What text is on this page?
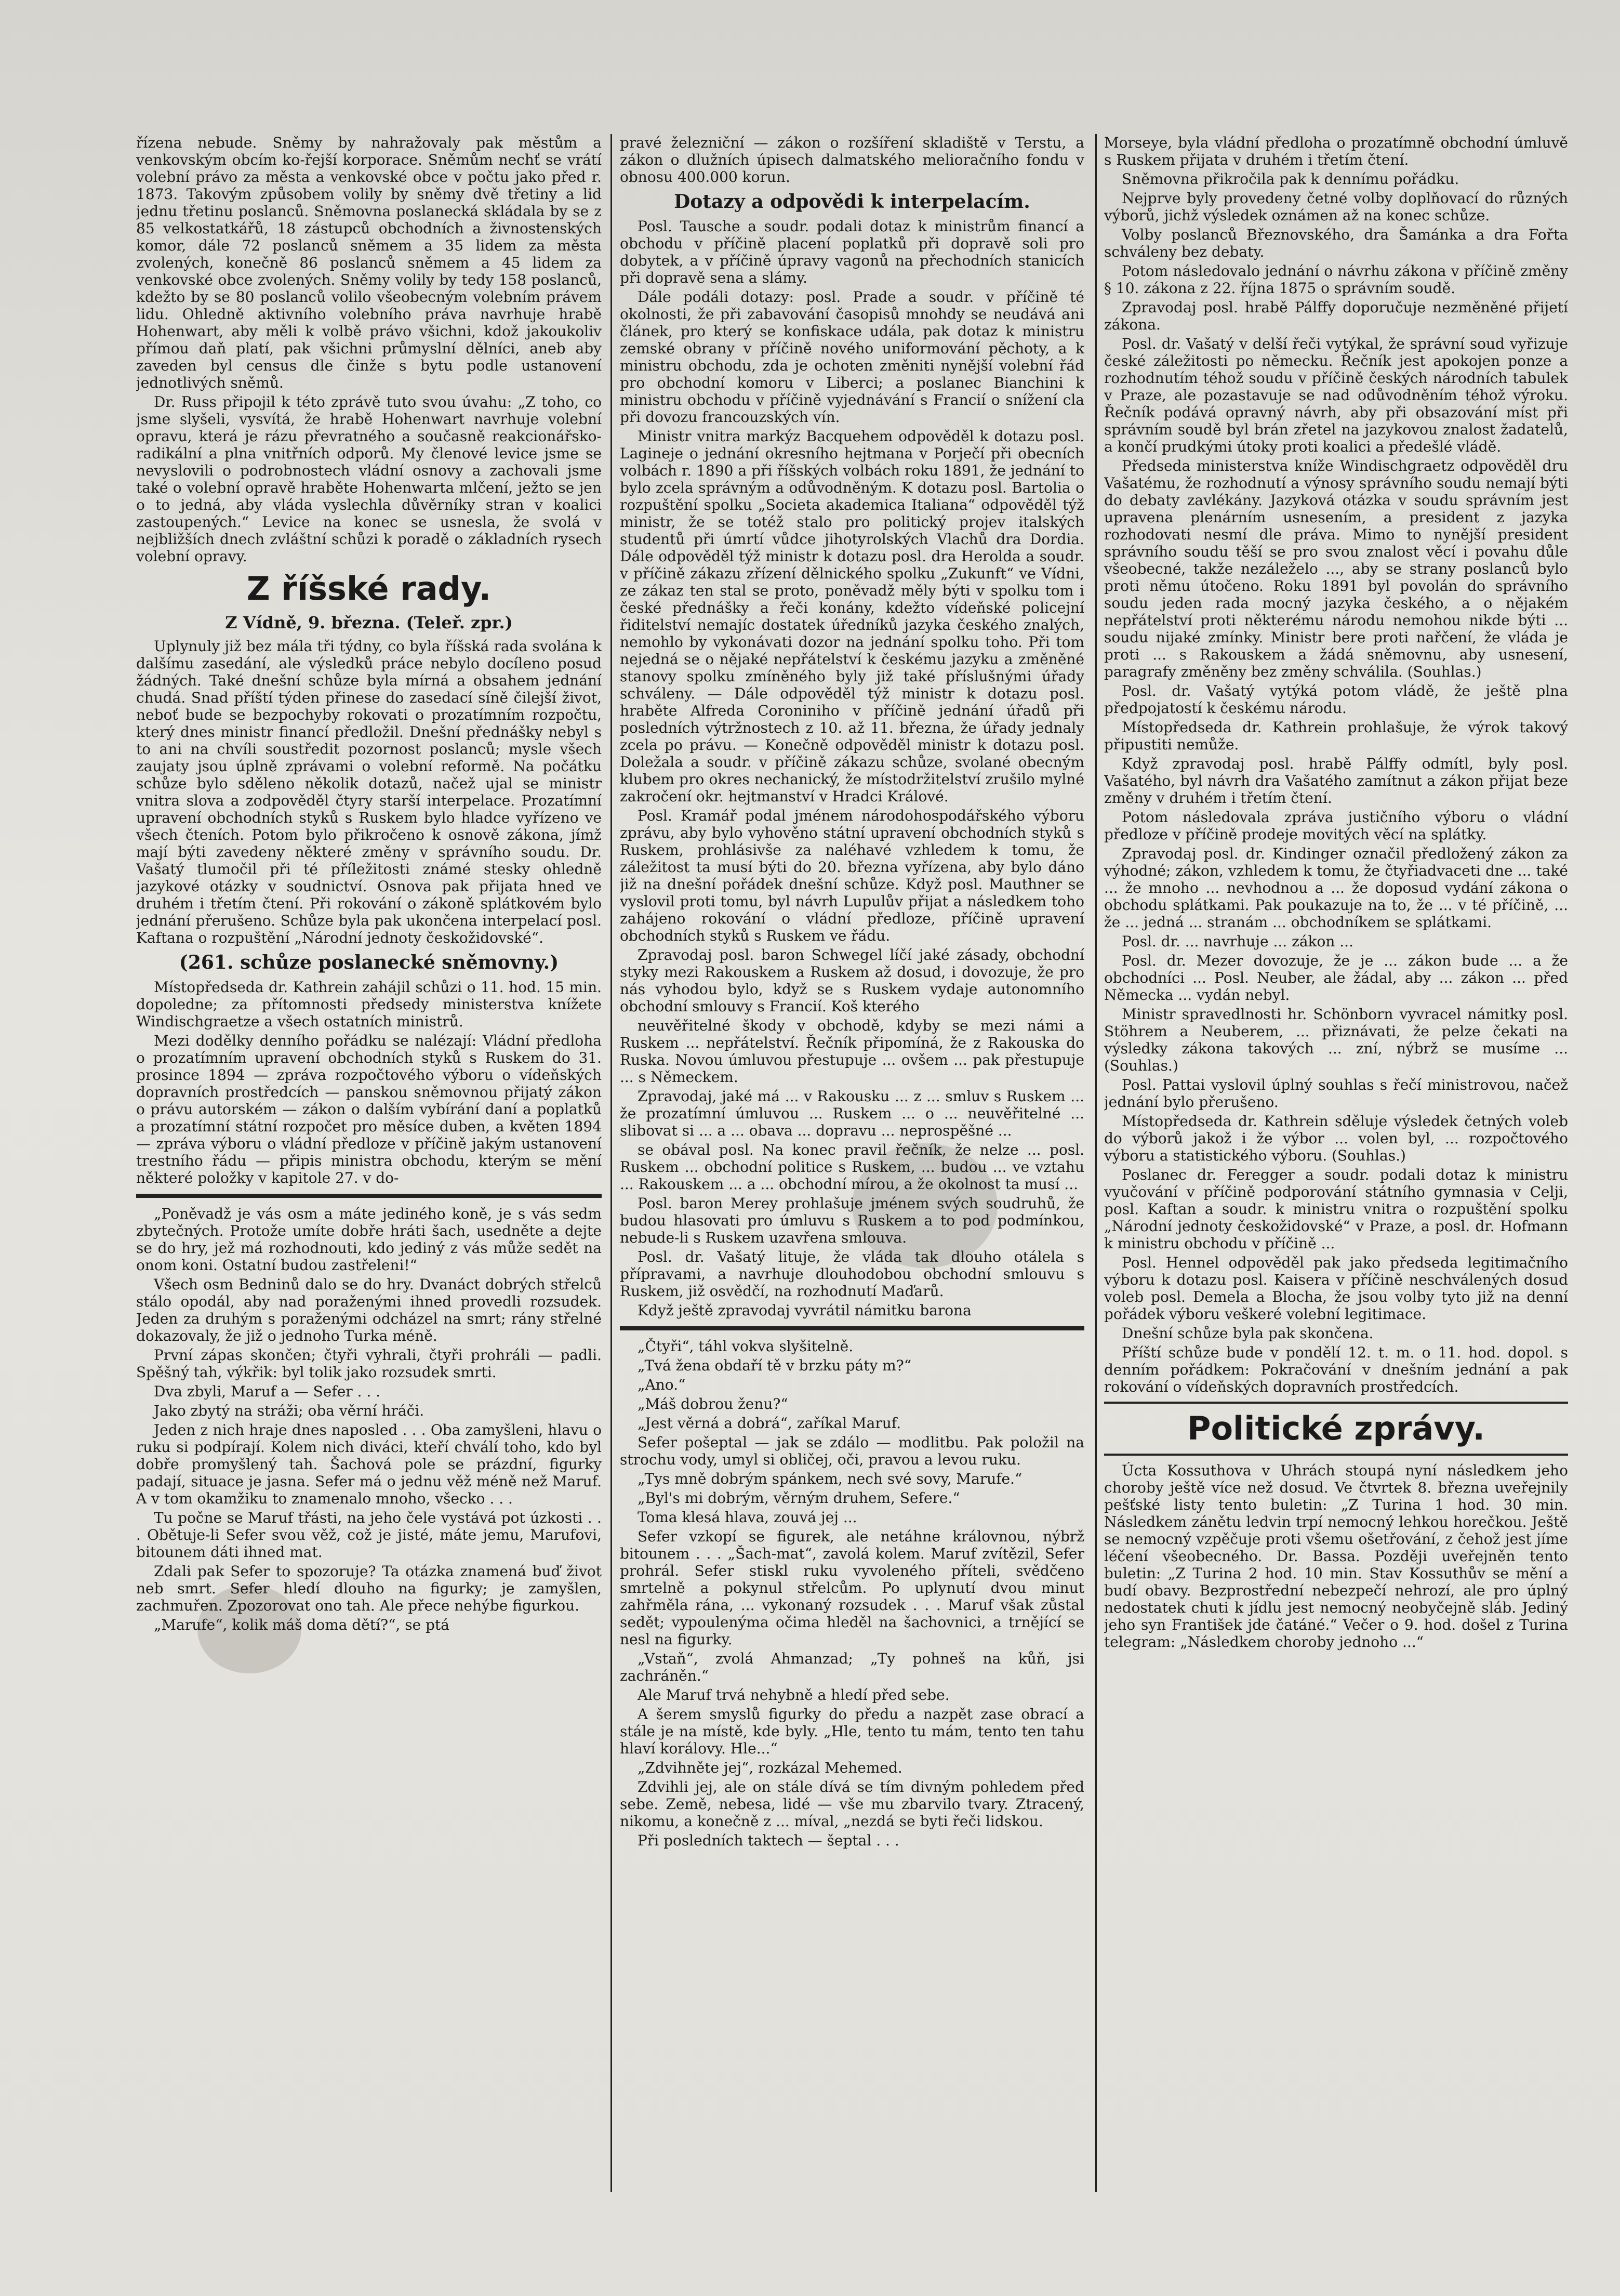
řízena nebude. Sněmy by nahražovaly pak městům a venkovským obcím ko-řejší korporace. Sněmům nechť se vrátí volební právo za města a venkovské obce v počtu jako před r. 1873. Takovým způsobem volily by sněmy dvě třetiny a lid jednu třetinu poslanců. Sněmovna poslanecká skládala by se z 85 velkostatkářů, 18 zástupců obchodních a živnostenských komor, dále 72 poslanců sněmem a 35 lidem za města zvolených, konečně 86 poslanců sněmem a 45 lidem za venkovské obce zvolených. Sněmy volily by tedy 158 poslanců, kdežto by se 80 poslanců volilo všeobecným volebním právem lidu. Ohledně aktivního volebního práva navrhuje hrabě Hohenwart, aby měli k volbě právo všichni, kdož jakoukoliv přímou daň platí, pak všichni průmyslní dělníci, aneb aby zaveden byl census dle činže s bytu podle ustanovení jednotlivých sněmů.

Dr. Russ připojil k této zprávě tuto svou úvahu: „Z toho, co jsme slyšeli, vysvítá, že hrabě Hohenwart navrhuje volební opravu, která je rázu převratného a současně reakcionářsko-radikální a plna vnitřních odporů. My členové levice jsme se nevyslovili o podrobnostech vládní osnovy a zachovali jsme také o volební opravě hraběte Hohenwarta mlčení, ježto se jen o to jedná, aby vláda vyslechla důvěrníky stran v koalici zastoupených.“ Levice na konec se usnesla, že svolá v nejbližších dnech zvláštní schůzi k poradě o základních rysech volební opravy.

Z říšské rady.
Z Vídně, 9. března. (Teleř. zpr.)

Uplynuly již bez mála tři týdny, co byla říšská rada svolána k dalšímu zasedání, ale výsledků práce nebylo docíleno posud žádných. Také dnešní schůze byla mírná a obsahem jednání chudá. Snad příští týden přinese do zasedací síně čilejší život, neboť bude se bezpochyby rokovati o prozatímním rozpočtu, který dnes ministr financí předložil. Dnešní přednášky nebyl s to ani na chvíli soustředit pozornost poslanců; mysle všech zaujaty jsou úplně zprávami o volební reformě. Na počátku schůze bylo sděleno několik dotazů, načež ujal se ministr vnitra slova a zodpověděl čtyry starší interpelace. Prozatímní upravení obchodních styků s Ruskem bylo hladce vyřízeno ve všech čteních. Potom bylo přikročeno k osnově zákona, jímž mají býti zavedeny některé změny v správního soudu. Dr. Vašatý tlumočil při té příležitosti známé stesky ohledně jazykové otázky v soudnictví. Osnova pak přijata hned ve druhém i třetím čtení. Při rokování o zákoně splátkovém bylo jednání přerušeno. Schůze byla pak ukončena interpelací posl. Kaftana o rozpuštění „Národní jednoty českožidovské“.

(261. schůze poslanecké sněmovny.)

Místopředseda dr. Kathrein zahájil schůzi o 11. hod. 15 min. dopoledne; za přítomnosti předsedy ministerstva knížete Windischgraetze a všech ostatních ministrů.

Mezi dodělky denního pořádku se nalézají: Vládní předloha o prozatímním upravení obchodních styků s Ruskem do 31. prosince 1894 — zpráva rozpočtového výboru o vídeňských dopravních prostředcích — panskou sněmovnou přijatý zákon o právu autorském — zákon o dalším vybírání daní a poplatků a prozatímní státní rozpočet pro měsíce duben, a květen 1894 — zpráva výboru o vládní předloze v příčině jakým ustanovení trestního řádu — připis ministra obchodu, kterým se mění některé položky v kapitole 27. v do-

„Poněvadž je vás osm a máte jediného koně, je s vás sedm zbytečných. Protože umíte dobře hráti šach, usedněte a dejte se do hry, jež má rozhodnouti, kdo jediný z vás může sedět na onom koni. Ostatní budou zastřeleni!“

Všech osm Bedninů dalo se do hry. Dvanáct dobrých střelců stálo opodál, aby nad poraženými ihned provedli rozsudek. Jeden za druhým s poraženými odcházel na smrt; rány střelné dokazovaly, že již o jednoho Turka méně.

První zápas skončen; čtyři vyhrali, čtyři prohráli — padli. Spěšný tah, výkřik: byl tolik jako rozsudek smrti.

Dva zbyli, Maruf a — Sefer . . .

Jako zbytý na stráži; oba věrní hráči.

Jeden z nich hraje dnes naposled . . . Oba zamyšleni, hlavu o ruku si podpírají. Kolem nich diváci, kteří chválí toho, kdo byl dobře promyšlený tah. Šachová pole se prázdní, figurky padají, situace je jasna. Sefer má o jednu věž méně než Maruf. A v tom okamžiku to znamenalo mnoho, všecko . . .

Tu počne se Maruf třásti, na jeho čele vystává pot úzkosti . . . Obětuje-li Sefer svou věž, což je jisté, máte jemu, Marufovi, bitounem dáti ihned mat.

Zdali pak Sefer to spozoruje? Ta otázka znamená buď život neb smrt. Sefer hledí dlouho na figurky; je zamyšlen, zachmuřen. Zpozorovat ono tah. Ale přece nehýbe figurkou.

„Marufe“, kolik máš doma dětí?“, se ptá

pravé železniční — zákon o rozšíření skladiště v Terstu, a zákon o dlužních úpisech dalmatského melioračního fondu v obnosu 400.000 korun.

Dotazy a odpovědi k interpelacím.

Posl. Tausche a soudr. podali dotaz k ministrům financí a obchodu v příčině placení poplatků při dopravě soli pro dobytek, a v příčině úpravy vagonů na přechodních stanicích při dopravě sena a slámy.

Dále podáli dotazy: posl. Prade a soudr. v příčině té okolnosti, že při zabavování časopisů mnohdy se neudává ani článek, pro který se konfiskace udála, pak dotaz k ministru zemské obrany v příčině nového uniformování pěchoty, a k ministru obchodu, zda je ochoten změniti nynější volební řád pro obchodní komoru v Liberci; a poslanec Bianchini k ministru obchodu v příčině vyjednávání s Francií o snížení cla při dovozu francouzských vín.

Ministr vnitra markýz Bacquehem odpověděl k dotazu posl. Lagineje o jednání okresního hejtmana v Porječí při obecních volbách r. 1890 a při říšských volbách roku 1891, že jednání to bylo zcela správným a odůvodněným. K dotazu posl. Bartolia o rozpuštění spolku „Societa akademica Italiana“ odpověděl týž ministr, že se totéž stalo pro politický projev italských studentů při úmrtí vůdce jihotyrolských Vlachů dra Dordia. Dále odpověděl týž ministr k dotazu posl. dra Herolda a soudr. v příčině zákazu zřízení dělnického spolku „Zukunft“ ve Vídni, ze zákaz ten stal se proto, poněvadž měly býti v spolku tom i české přednášky a řeči konány, kdežto vídeňské policejní řiditelství nemajíc dostatek úředníků jazyka českého znalých, nemohlo by vykonávati dozor na jednání spolku toho. Při tom nejedná se o nějaké nepřátelství k českému jazyku a změněné stanovy spolku zmíněného byly již také příslušnými úřady schváleny. — Dále odpověděl týž ministr k dotazu posl. hraběte Alfreda Coroniniho v příčině jednání úřadů při posledních výtržnostech z 10. až 11. března, že úřady jednaly zcela po právu. — Konečně odpověděl ministr k dotazu posl. Doležala a soudr. v příčině zákazu schůze, svolané obecným klubem pro okres nechanický, že místodržitelství zrušilo mylné zakročení okr. hejtmanství v Hradci Králové.

Posl. Kramář podal jménem národohospodářského výboru zprávu, aby bylo vyhověno státní upravení obchodních styků s Ruskem, prohlásivše za naléhavé vzhledem k tomu, že záležitost ta musí býti do 20. března vyřízena, aby bylo dáno již na dnešní pořádek dnešní schůze. Když posl. Mauthner se vyslovil proti tomu, byl návrh Lupulův přijat a následkem toho zahájeno rokování o vládní předloze, příčině upravení obchodních styků s Ruskem ve řádu.

Zpravodaj posl. baron Schwegel líčí jaké zásady, obchodní styky mezi Rakouskem a Ruskem až dosud, i dovozuje, že pro nás vyhodou bylo, když se s Ruskem vydaje autonomního obchodní smlouvy s Francií. Koš kterého

neuvěřitelné škody v obchodě, kdyby se mezi námi a Ruskem ... nepřátelství. Řečník připomíná, že z Rakouska do Ruska. Novou úmluvou přestupuje ... ovšem ... pak přestupuje ... s Německem.

Zpravodaj, jaké má ... v Rakousku ... z ... smluv s Ruskem ... že prozatímní úmluvou ... Ruskem ... o ... neuvěřitelné ... slibovat si ... a ... obava ... dopravu ... neprospěšné ...

se obával posl. Na konec pravil řečník, že nelze ... posl. Ruskem ... obchodní politice s Ruskem, ... budou ... ve vztahu ... Rakouskem ... a ... obchodní mírou, a že okolnost ta musí ...

Posl. baron Merey prohlašuje jménem svých soudruhů, že budou hlasovati pro úmluvu s Ruskem a to pod podmínkou, nebude-li s Ruskem uzavřena smlouva.

Posl. dr. Vašatý lituje, že vláda tak dlouho otálela s přípravami, a navrhuje dlouhodobou obchodní smlouvu s Ruskem, již osvědčí, na rozhodnutí Maďarů.

Když ještě zpravodaj vyvrátil námitku barona

„Čtyři“, táhl vokva slyšitelně.

„Tvá žena obdaří tě v brzku páty m?“

„Ano.“

„Máš dobrou ženu?“

„Jest věrná a dobrá“, zaříkal Maruf.

Sefer pošeptal — jak se zdálo — modlitbu. Pak položil na strochu vody, umyl si obličej, oči, pravou a levou ruku.

„Tys mně dobrým spánkem, nech své sovy, Marufe.“

„Byl's mi dobrým, věrným druhem, Sefere.“

Toma klesá hlava, zouvá jej ...

Sefer vzkopí se figurek, ale netáhne královnou, nýbrž bitounem . . . „Šach-mat“, zavolá kolem. Maruf zvítězil, Sefer prohrál. Sefer stiskl ruku vyvoleného příteli, svědčeno smrtelně a pokynul střelcům. Po uplynutí dvou minut zahřměla rána, ... vykonaný rozsudek . . . Maruf však zůstal sedět; vypoulenýma očima hleděl na šachovnici, a trnějící se nesl na figurky.

„Vstaň“, zvolá Ahmanzad; „Ty pohneš na kůň, jsi zachráněn.“

Ale Maruf trvá nehybně a hledí před sebe.

A šerem smyslů figurky do předu a nazpět zase obrací a stále je na místě, kde byly. „Hle, tento tu mám, tento ten tahu hlaví korálovy. Hle...“

„Zdvihněte jej“, rozkázal Mehemed.

Zdvihli jej, ale on stále dívá se tím divným pohledem před sebe. Země, nebesa, lidé — vše mu zbarvilo tvary. Ztracený, nikomu, a konečně z ... míval, „nezdá se byti řeči lidskou.

Při posledních taktech — šeptal . . .

Morseye, byla vládní předloha o prozatímně obchodní úmluvě s Ruskem přijata v druhém i třetím čtení.

Sněmovna přikročila pak k dennímu pořádku.

Nejprve byly provedeny četné volby doplňovací do různých výborů, jichž výsledek oznámen až na konec schůze.

Volby poslanců Březnovského, dra Šamánka a dra Fořta schváleny bez debaty.

Potom následovalo jednání o návrhu zákona v příčině změny § 10. zákona z 22. října 1875 o správním soudě.

Zpravodaj posl. hrabě Pálffy doporučuje nezměněné přijetí zákona.

Posl. dr. Vašatý v delší řeči vytýkal, že správní soud vyřizuje české záležitosti po německu. Řečník jest apokojen ponze a rozhodnutím téhož soudu v příčině českých národních tabulek v Praze, ale pozastavuje se nad odůvodněním téhož výroku. Řečník podává opravný návrh, aby při obsazování míst při správním soudě byl brán zřetel na jazykovou znalost žadatelů, a končí prudkými útoky proti koalici a předešlé vládě.

Předseda ministerstva kníže Windischgraetz odpověděl dru Vašatému, že rozhodnutí a výnosy správního soudu nemají býti do debaty zavlékány. Jazyková otázka v soudu správním jest upravena plenárním usnesením, a president z jazyka rozhodovati nesmí dle práva. Mimo to nynější president správního soudu těší se pro svou znalost věcí i povahu důle všeobecné, takže nezáleželo ..., aby se strany poslanců bylo proti němu útočeno. Roku 1891 byl povolán do správního soudu jeden rada mocný jazyka českého, a o nějakém nepřátelství proti některému národu nemohou nikde býti ... soudu nijaké zmínky. Ministr bere proti nařčení, že vláda je proti ... s Rakouskem a žádá sněmovnu, aby usnesení, paragrafy změněny bez změny schválila. (Souhlas.)

Posl. dr. Vašatý vytýká potom vládě, že ještě plna předpojatostí k českému národu.

Místopředseda dr. Kathrein prohlašuje, že výrok takový připustiti nemůže.

Když zpravodaj posl. hrabě Pálffy odmítl, byly posl. Vašatého, byl návrh dra Vašatého zamítnut a zákon přijat beze změny v druhém i třetím čtení.

Potom následovala zpráva justičního výboru o vládní předloze v příčině prodeje movitých věcí na splátky.

Zpravodaj posl. dr. Kindinger označil předložený zákon za výhodné; zákon, vzhledem k tomu, že čtyřiadvaceti dne ... také ... že mnoho ... nevhodnou a ... že doposud vydání zákona o obchodu splátkami. Pak poukazuje na to, že ... v té příčině, ... že ... jedná ... stranám ... obchodníkem se splátkami.

Posl. dr. ... navrhuje ... zákon ...

Posl. dr. Mezer dovozuje, že je ... zákon bude ... a že obchodníci ... Posl. Neuber, ale žádal, aby ... zákon ... před Německa ... vydán nebyl.

Ministr spravedlnosti hr. Schönborn vyvracel námitky posl. Stöhrem a Neuberem, ... přiznávati, že pelze čekati na výsledky zákona takových ... zní, nýbrž se musíme ... (Souhlas.)

Posl. Pattai vyslovil úplný souhlas s řečí ministrovou, načež jednání bylo přerušeno.

Místopředseda dr. Kathrein sděluje výsledek četných voleb do výborů jakož i že výbor ... volen byl, ... rozpočtového výboru a statistického výboru. (Souhlas.)

Poslanec dr. Feregger a soudr. podali dotaz k ministru vyučování v příčině podporování státního gymnasia v Celji, posl. Kaftan a soudr. k ministru vnitra o rozpuštění spolku „Národní jednoty českožidovské“ v Praze, a posl. dr. Hofmann k ministru obchodu v příčině ...

Posl. Hennel odpověděl pak jako předseda legitimačního výboru k dotazu posl. Kaiserа v příčině neschválených dosud voleb posl. Demela a Blocha, že jsou volby tyto již na denní pořádek výboru veškeré volební legitimace.

Dnešní schůze byla pak skončena.

Příští schůze bude v pondělí 12. t. m. o 11. hod. dopol. s denním pořádkem: Pokračování v dnešním jednání a pak rokování o vídeňských dopravních prostředcích.

Politické zprávy.

Úcta Kossuthova v Uhrách stoupá nyní následkem jeho choroby ještě více než dosud. Ve čtvrtek 8. března uveřejnily pešťské listy tento buletin: „Z Turina 1 hod. 30 min. Následkem zánětu ledvin trpí nemocný lehkou horečkou. Ještě se nemocný vzpěčuje proti všemu ošetřování, z čehož jest jíme léčení všeobecného. Dr. Bassa. Později uveřejněn tento buletin: „Z Turina 2 hod. 10 min. Stav Kossuthův se mění a budí obavy. Bezprostřední nebezpečí nehrozí, ale pro úplný nedostatek chuti k jídlu jest nemocný neobyčejně sláb. Jediný jeho syn František jde čatáné.“ Večer o 9. hod. došel z Turina telegram: „Následkem choroby jednoho ...“
